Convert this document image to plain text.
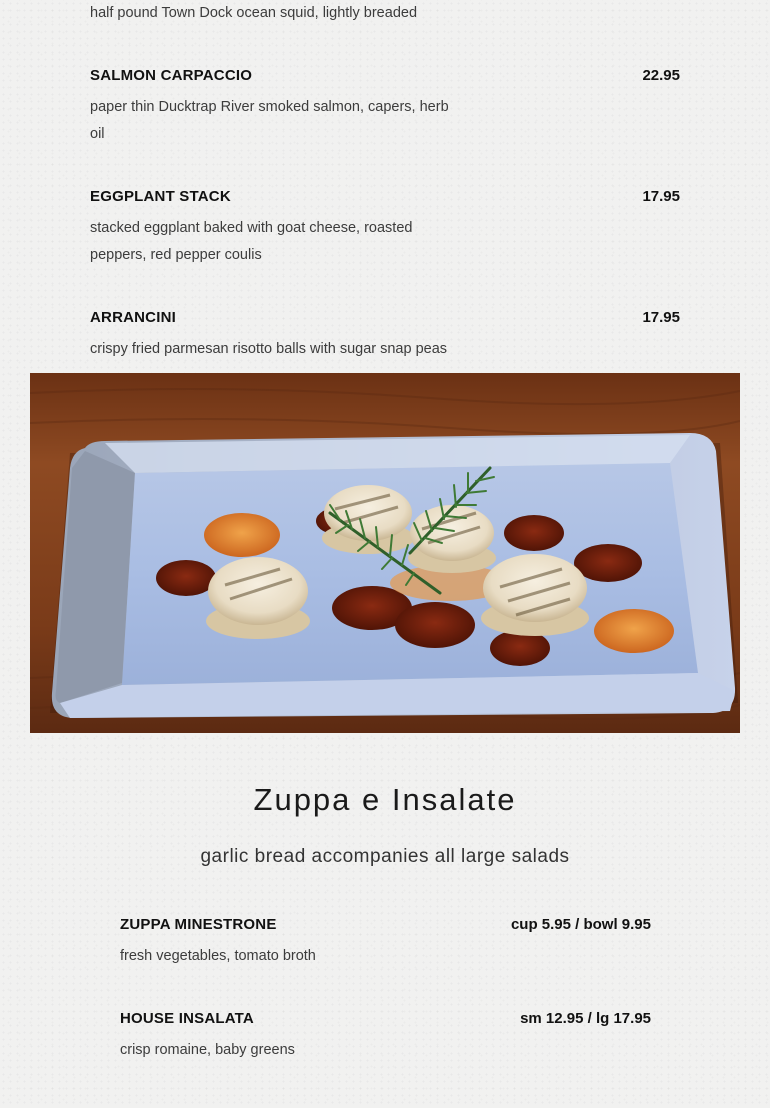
half pound Town Dock ocean squid, lightly breaded
SALMON CARPACCIO	22.95
paper thin Ducktrap River smoked salmon, capers, herb oil
EGGPLANT STACK	17.95
stacked eggplant baked with goat cheese, roasted peppers, red pepper coulis
ARRANCINI	17.95
crispy fried parmesan risotto balls with sugar snap peas
Zuppa e Insalate
garlic bread accompanies all large salads
ZUPPA MINESTRONE	cup 5.95 / bowl 9.95
fresh vegetables, tomato broth
HOUSE INSALATA	sm 12.95 / lg 17.95
crisp romaine, baby greens
